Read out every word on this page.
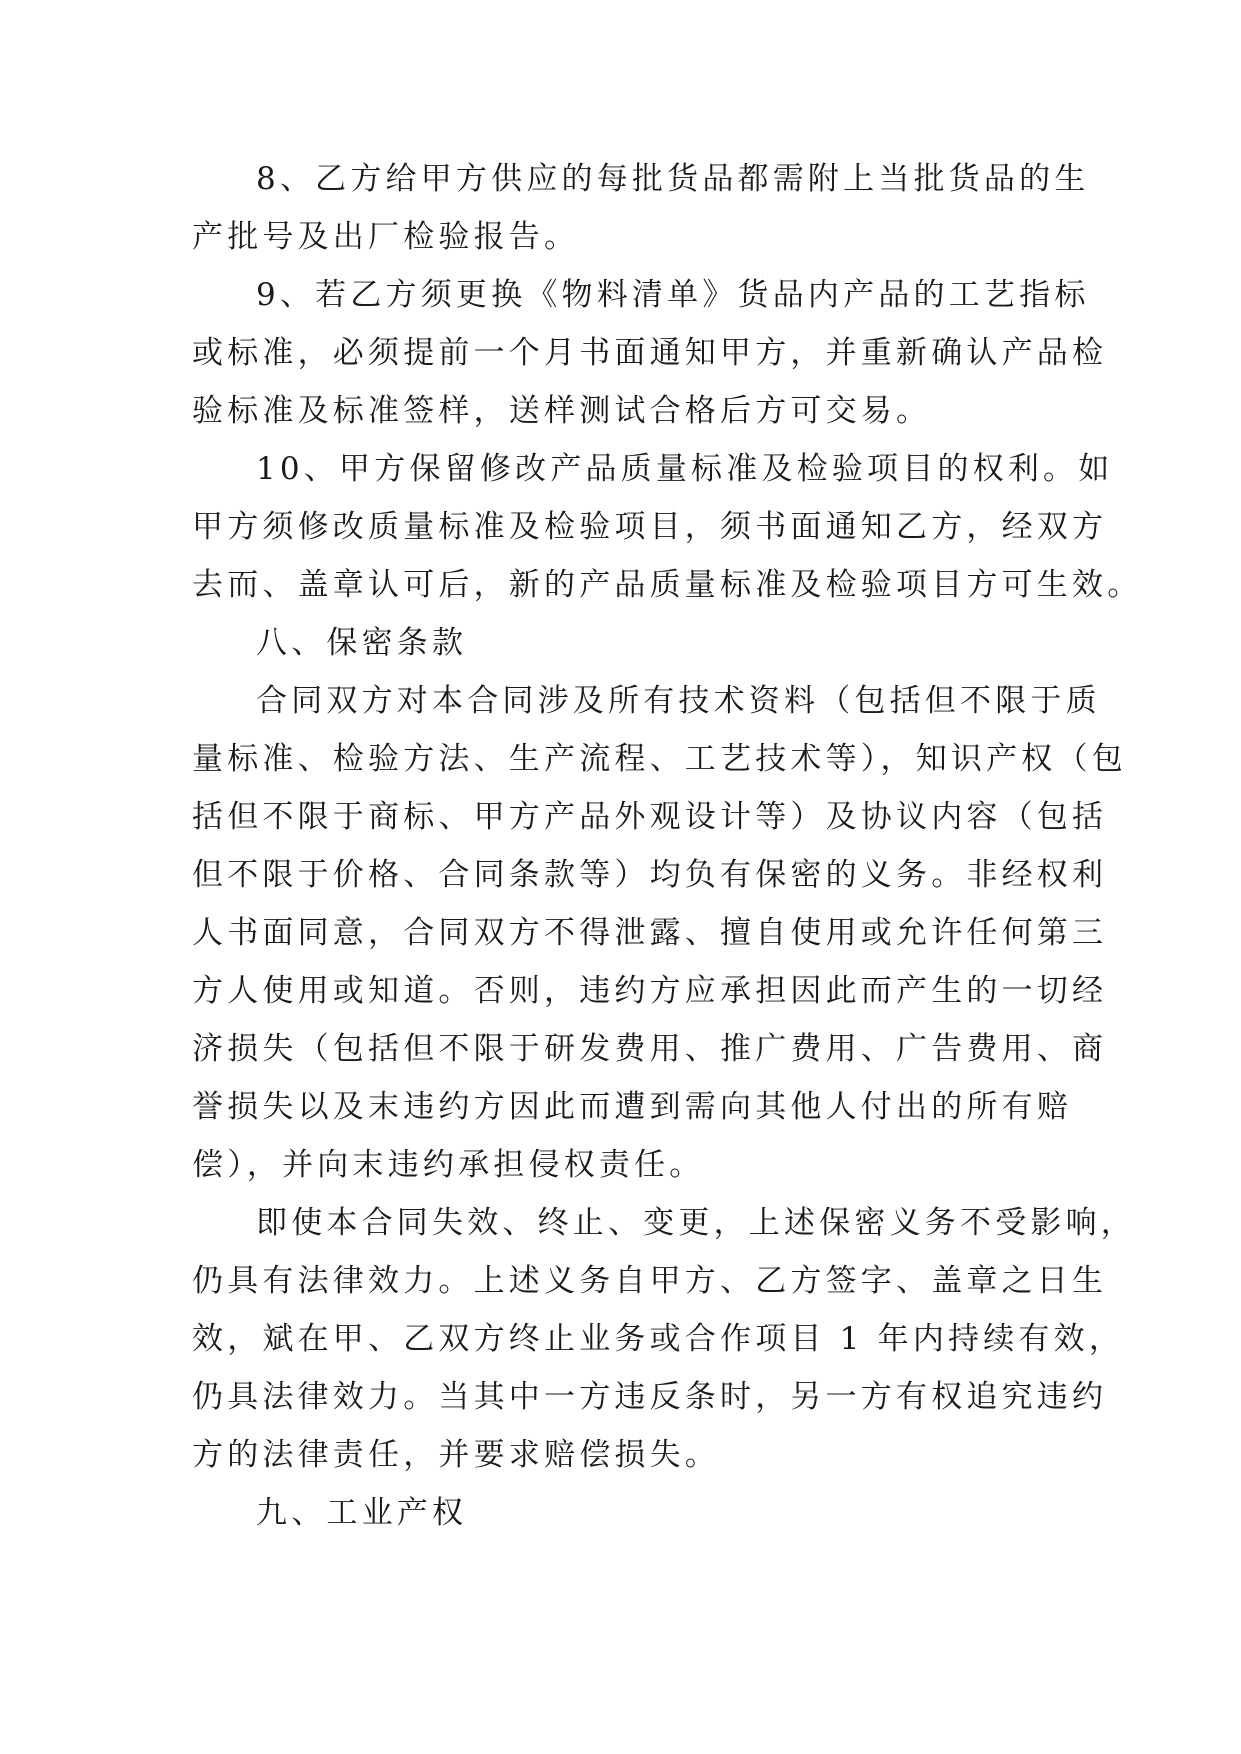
8、乙方给甲方供应的每批货品都需附上当批货品的生
产批号及出厂检验报告。
9、若乙方须更换《物料清单》货品内产品的工艺指标
或标准，必须提前一个月书面通知甲方，并重新确认产品检
验标准及标准签样，送样测试合格后方可交易。
10、甲方保留修改产品质量标准及检验项目的权利。如
甲方须修改质量标准及检验项目，须书面通知乙方，经双方
去而、盖章认可后，新的产品质量标准及检验项目方可生效。
八、保密条款
合同双方对本合同涉及所有技术资料（包括但不限于质
量标准、检验方法、生产流程、工艺技术等），知识产权（包
括但不限于商标、甲方产品外观设计等）及协议内容（包括
但不限于价格、合同条款等）均负有保密的义务。非经权利
人书面同意，合同双方不得泄露、擅自使用或允许任何第三
方人使用或知道。否则，违约方应承担因此而产生的一切经
济损失（包括但不限于研发费用、推广费用、广告费用、商
誉损失以及末违约方因此而遭到需向其他人付出的所有赔
偿），并向末违约承担侵权责任。
即使本合同失效、终止、变更，上述保密义务不受影响，
仍具有法律效力。上述义务自甲方、乙方签字、盖章之日生
效，斌在甲、乙双方终止业务或合作项目 1 年内持续有效，
仍具法律效力。当其中一方违反条时，另一方有权追究违约
方的法律责任，并要求赔偿损失。
九、工业产权
